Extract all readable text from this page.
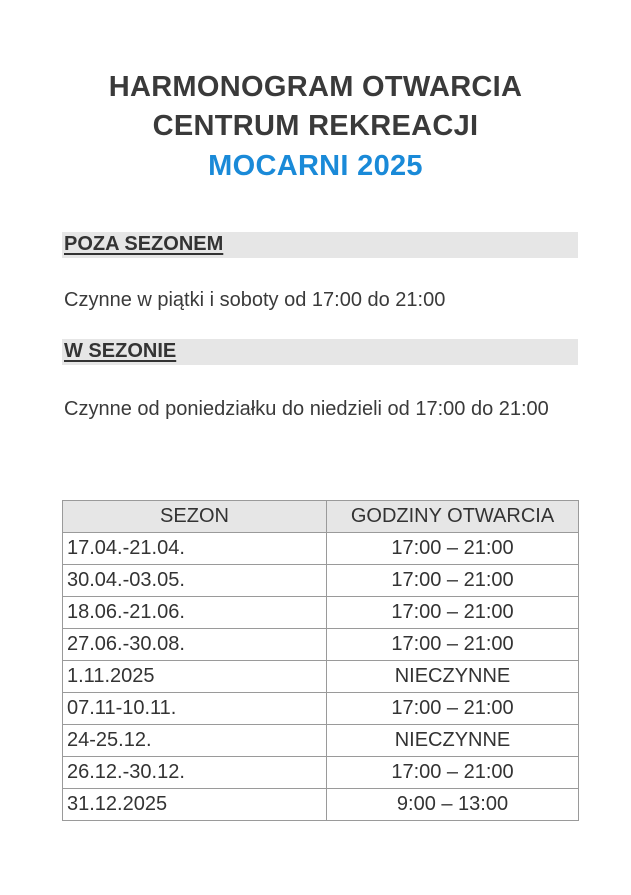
HARMONOGRAM OTWARCIA
CENTRUM REKREACJI
MOCARNI 2025
POZA SEZONEM

Czynne w piątki i soboty od 17:00 do 21:00

W SEZONIE

Czynne od poniedziałku do niedzieli od 17:00 do 21:00

SEZON	GODZINY OTWARCIA
17.04.-21.04.	17:00 – 21:00
30.04.-03.05.	17:00 – 21:00
18.06.-21.06.	17:00 – 21:00
27.06.-30.08.	17:00 – 21:00
1.11.2025	NIECZYNNE
07.11-10.11.	17:00 – 21:00
24-25.12.	NIECZYNNE
26.12.-30.12.	17:00 – 21:00
31.12.2025	9:00 – 13:00
